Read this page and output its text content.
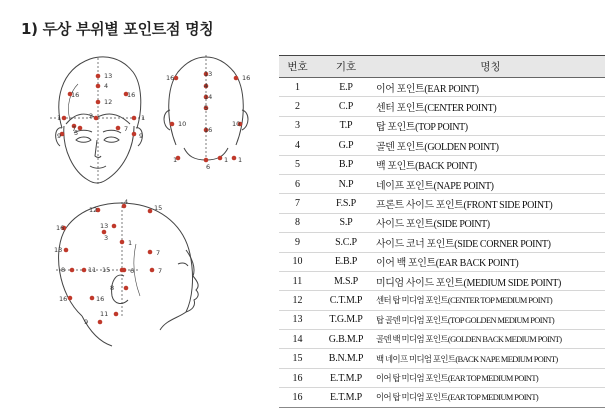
1) 두상 부위별 포인트점 명칭
13
16	16
4
12
2
1	1
5
7	7
9	9
16	16
13
4
14
5
10	10
16
1	1
6
1
12
4
15
16	13
3
1
7
13
8	11 15	6	7
16	16
8
11
9
번호	기호	명칭
1	E.P	이어 포인트(EAR POINT)
2	C.P	센터 포인트(CENTER POINT)
3	T.P	탑 포인트(TOP POINT)
4	G.P	골덴 포인트(GOLDEN POINT)
5	B.P	백 포인트(BACK POINT)
6	N.P	네이프 포인트(NAPE POINT)
7	F.S.P	프론트 사이드 포인트(FRONT SIDE POINT)
8	S.P	사이드 포인트(SIDE POINT)
9	S.C.P	사이드 코너 포인트(SIDE CORNER POINT)
10	E.B.P	이어 백 포인트(EAR BACK POINT)
11	M.S.P	미디엄 사이드 포인트(MEDIUM SIDE POINT)
12	C.T.M.P	센터 탑 미디엄 포인트(CENTER TOP MEDIUM POINT)
13	T.G.M.P	탑 골덴 미디엄 포인트(TOP GOLDEN MEDIUM POINT)
14	G.B.M.P	골덴 백 미디엄 포인트(GOLDEN BACK MEDIUM POINT)
15	B.N.M.P	백 네이프 미디엄 포인트(BACK NAPE MEDIUM POINT)
16	E.T.M.P	이어 탑 미디엄 포인트(EAR TOP MEDIUM POINT)
16	E.T.M.P	이어 탑 미디엄 포인트(EAR TOP MEDIUM POINT)
